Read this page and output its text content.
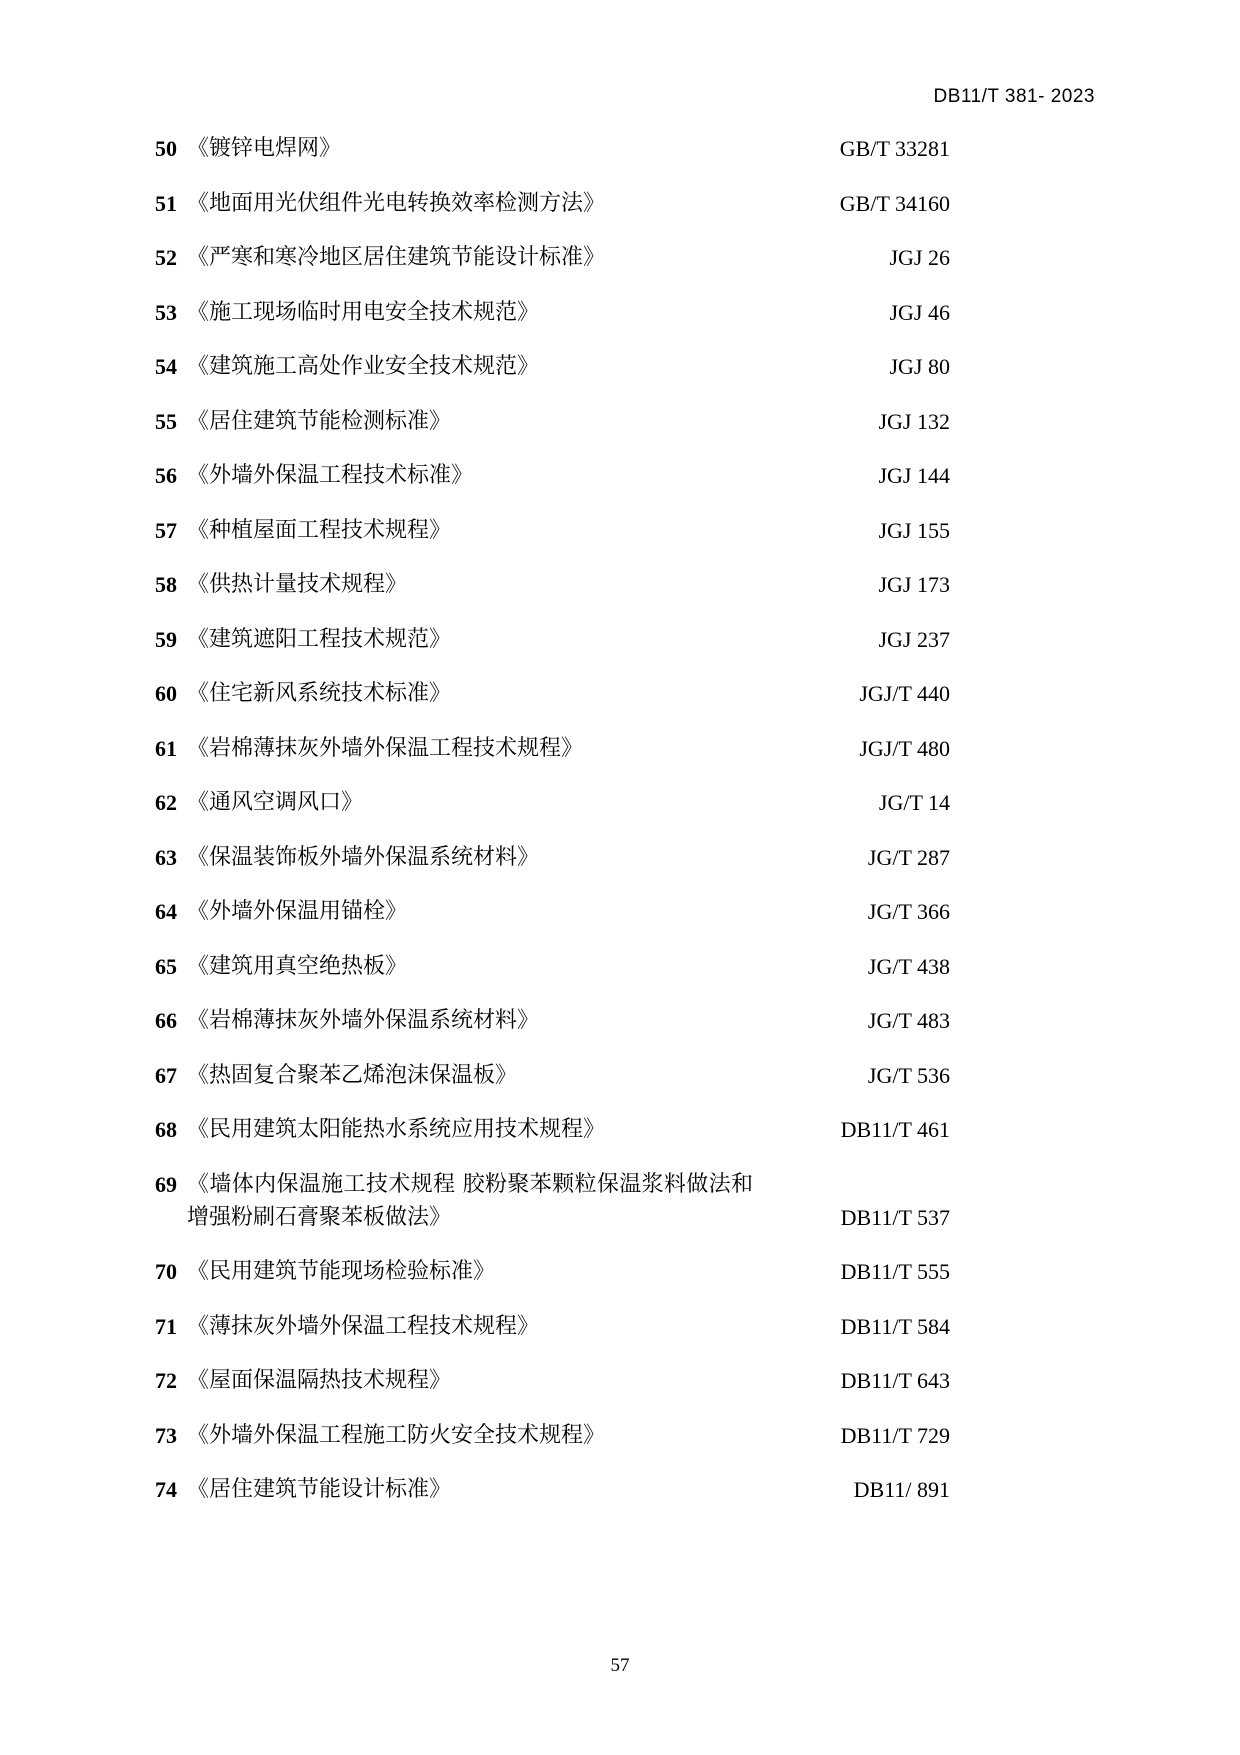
DB11/T 381- 2023
50 《镀锌电焊网》	GB/T 33281
51 《地面用光伏组件光电转换效率检测方法》	GB/T 34160
52 《严寒和寒冷地区居住建筑节能设计标准》	JGJ 26
53 《施工现场临时用电安全技术规范》	JGJ 46
54 《建筑施工高处作业安全技术规范》	JGJ 80
55 《居住建筑节能检测标准》	JGJ 132
56 《外墙外保温工程技术标准》	JGJ 144
57 《种植屋面工程技术规程》	JGJ 155
58 《供热计量技术规程》	JGJ 173
59 《建筑遮阳工程技术规范》	JGJ 237
60 《住宅新风系统技术标准》	JGJ/T 440
61 《岩棉薄抹灰外墙外保温工程技术规程》	JGJ/T 480
62 《通风空调风口》	JG/T 14
63 《保温装饰板外墙外保温系统材料》	JG/T 287
64 《外墙外保温用锚栓》	JG/T 366
65 《建筑用真空绝热板》	JG/T 438
66 《岩棉薄抹灰外墙外保温系统材料》	JG/T 483
67 《热固复合聚苯乙烯泡沫保温板》	JG/T 536
68 《民用建筑太阳能热水系统应用技术规程》	DB11/T 461
69 《墙体内保温施工技术规程 胶粉聚苯颗粒保温浆料做法和增强粉刷石膏聚苯板做法》	DB11/T 537
70 《民用建筑节能现场检验标准》	DB11/T 555
71 《薄抹灰外墙外保温工程技术规程》	DB11/T 584
72 《屋面保温隔热技术规程》	DB11/T 643
73 《外墙外保温工程施工防火安全技术规程》	DB11/T 729
74 《居住建筑节能设计标准》	DB11/ 891
57
